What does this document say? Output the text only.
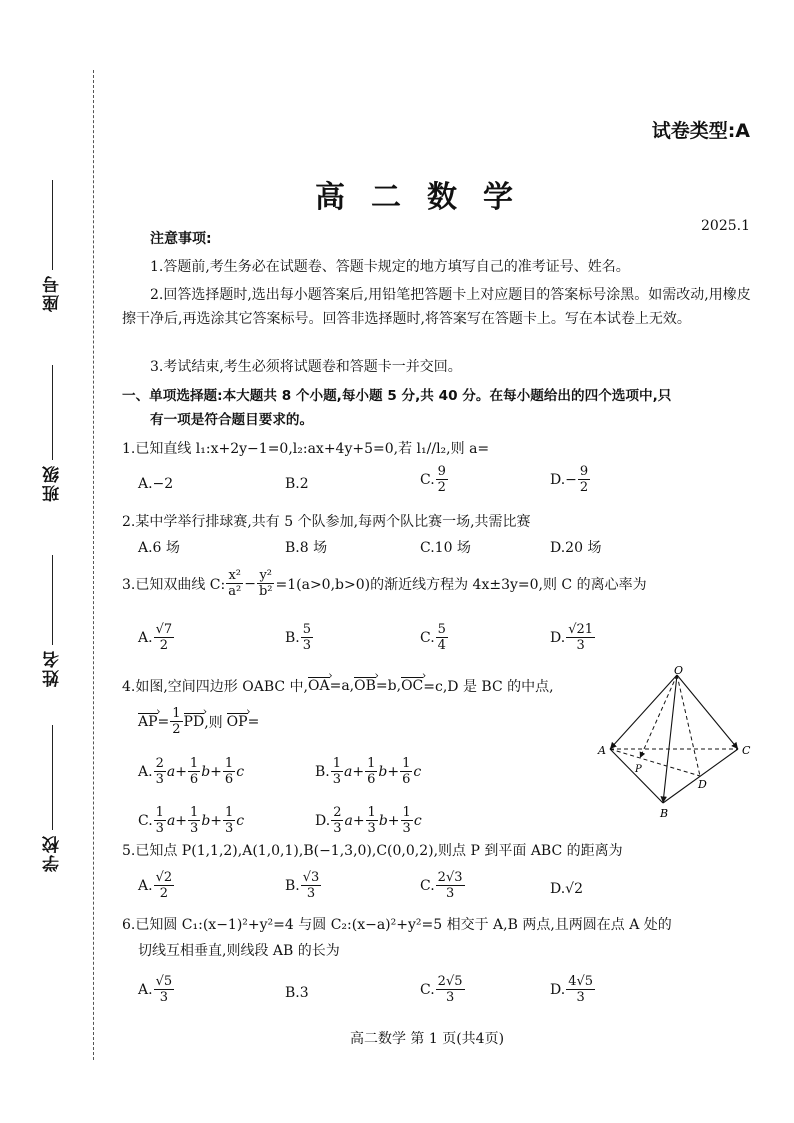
座号
班级
姓名
学校
试卷类型:A
高二数学
2025.1
注意事项:
1.答题前,考生务必在试题卷、答题卡规定的地方填写自己的准考证号、姓名。
2.回答选择题时,选出每小题答案后,用铅笔把答题卡上对应题目的答案标号涂黑。如需改动,用橡皮擦干净后,再选涂其它答案标号。回答非选择题时,将答案写在答题卡上。写在本试卷上无效。
3.考试结束,考生必须将试题卷和答题卡一并交回。
一、单项选择题:本大题共 8 个小题,每小题 5 分,共 40 分。在每小题给出的四个选项中,只
有一项是符合题目要求的。
1.已知直线 l₁:x+2y−1=0,l₂:ax+4y+5=0,若 l₁//l₂,则 a=
A.−2	B.2	C. $\frac{9}{2}$	$D.- \frac{9}{2}$
2.某中学举行排球赛,共有 5 个队参加,每两个队比赛一场,共需比赛
A.6 场	B.8 场	C.10 场	D.20 场
3.已知双曲线 C: $\frac{\text{x²}}{\text{a²}} - \frac{\text{y²}}{\text{b²}} =1(a>0,b>0)$的渐近线方程为 4x±3y=0,则 C 的离心率为
A. $\frac{√7}{2}$	B. $\frac{5}{3}$	C. $\frac{5}{4}$	D. $\frac{√21}{3}$
4.如图,空间四边形 OABC 中, OA › =a, OB › =b, OC › =c,D 是 BC 的中点,
AP › = $\frac{1}{2}$ PD › ,则 OP › =
A. $\frac{2}{3} a+ \frac{1}{6} b+ \frac{1}{6}$ c	B. $\frac{1}{3} a+ \frac{1}{6} b+ \frac{1}{6}$ c
C. $\frac{1}{3} a+ \frac{1}{3} b+ \frac{1}{3}$ c	D. $\frac{2}{3} a+ \frac{1}{3} b+ \frac{1}{3}$ c
O
A	C
B
D
P
5.已知点 P(1,1,2),A(1,0,1),B(−1,3,0),C(0,0,2),则点 P 到平面 ABC 的距离为
A. $\frac{√2}{2}$	B. $\frac{√3}{3}$	C. $\frac{2√3}{3}$	D.√2
6.已知圆 C₁:(x−1)²+y²=4 与圆 C₂:(x−a)²+y²=5 相交于 A,B 两点,且两圆在点 A 处的
切线互相垂直,则线段 AB 的长为
A. $\frac{√5}{3}$	B.3	C. $\frac{2√5}{3}$	D. $\frac{4√5}{3}$
高二数学 第 1 页(共4页)
